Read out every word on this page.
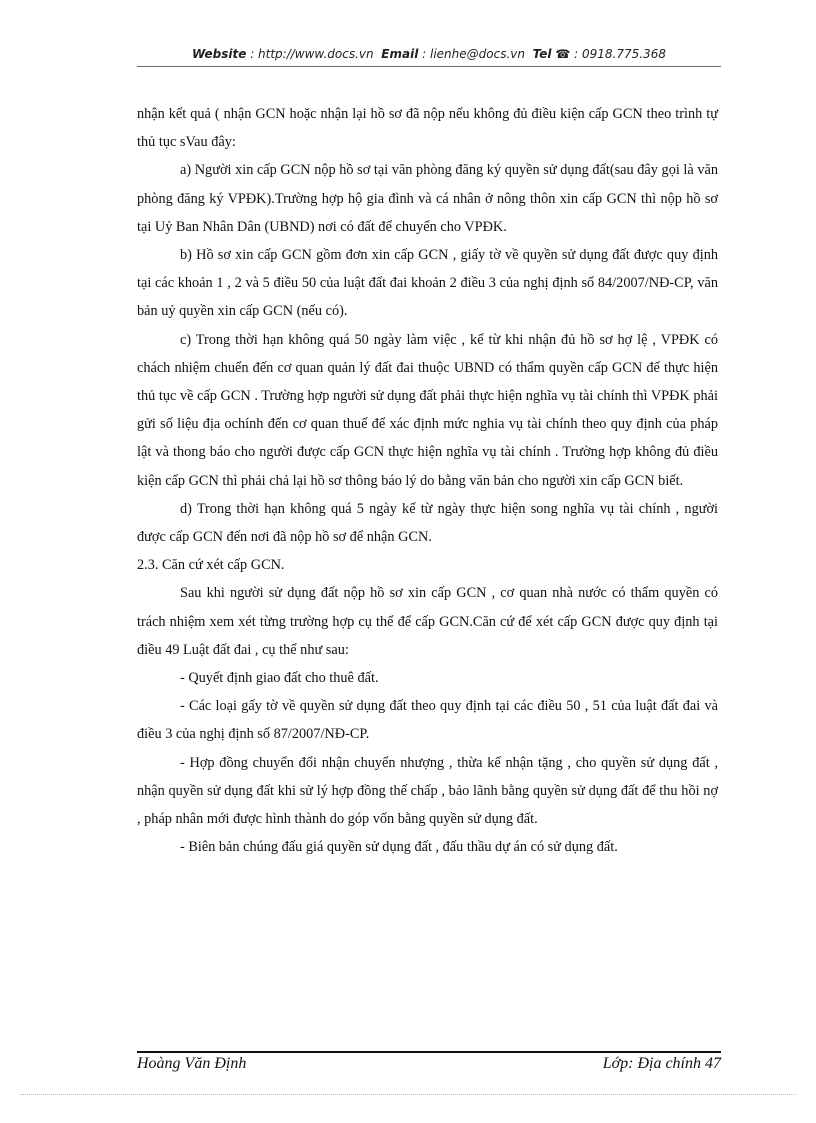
Website : http://www.docs.vn Email : lienhe@docs.vn Tel ☎ : 0918.775.368

nhận kết quả ( nhận GCN hoặc nhận lại hồ sơ đã nộp nếu không đủ điều kiện cấp GCN theo trình tự thủ tục sVau đây:

a) Người xin cấp GCN nộp hồ sơ tại văn phòng đăng ký quyền sử dụng đất(sau đây gọi là văn phòng đăng ký VPĐK).Trường hợp hộ gia đình và cá nhân ở nông thôn xin cấp GCN thì nộp hồ sơ tại Uỷ Ban Nhân Dân (UBND) nơi có đất để chuyển cho VPĐK.

b) Hồ sơ xin cấp GCN gồm đơn xin cấp GCN , giấy tờ về quyền sử dụng đất được quy định tại các khoản 1 , 2 và 5 điều 50 của luật đất đai khoản 2 điều 3 của nghị định số 84/2007/NĐ-CP, văn bản uỷ quyền xin cấp GCN (nếu có).

c) Trong thời hạn không quá 50 ngày làm việc , kể từ khi nhận đủ hồ sơ hợ lệ , VPĐK có chách nhiệm chuển đến cơ quan quản lý đất đai thuộc UBND có thẩm quyền cấp GCN để thực hiện thủ tục về cấp GCN . Trường hợp người sử dụng đất phải thực hiện nghĩa vụ tài chính thì VPĐK phải gửi số liệu địa ochính đến cơ quan thuế để xác định mức nghia vụ tài chính theo quy định của pháp lật và thong báo cho người được cấp GCN thực hiện nghĩa vụ tài chính . Trường hợp không đủ điều kiện cấp GCN thì phải chả lại hồ sơ thông báo lý do bằng văn bản cho người xin cấp GCN biết.

d) Trong thời hạn không quá 5 ngày kể từ ngày thực hiện song nghĩa vụ tài chính , người được cấp GCN đến nơi đã nộp hồ sơ để nhận GCN.

2.3. Căn cứ xét cấp GCN.

Sau khi người sử dụng đất nộp hồ sơ xin cấp GCN , cơ quan nhà nước có thẩm quyền có trách nhiệm xem xét từng trường hợp cụ thể để cấp GCN.Căn cứ để xét cấp GCN được quy định tại điều 49 Luật đất đai , cụ thể như sau:

- Quyết định giao đất cho thuê đất.

- Các loại gấy tờ về quyền sử dụng đất theo quy định tại các điều 50 , 51 của luật đất đai và điều 3 của nghị định số 87/2007/NĐ-CP.

- Hợp đồng chuyển đổi nhận chuyển nhượng , thừa kế nhận tặng , cho quyền sử dụng đất , nhận quyền sử dụng đất khi sử lý hợp đồng thế chấp , bảo lãnh bằng quyền sử dụng đất để thu hồi nợ , pháp nhân mới được hình thành do góp vốn bằng quyền sử dụng đất.

- Biên bản chúng đấu giá quyền sử dụng đất , đấu thầu dự án có sử dụng đất.

Hoàng Văn Định	Lớp: Địa chính 47
